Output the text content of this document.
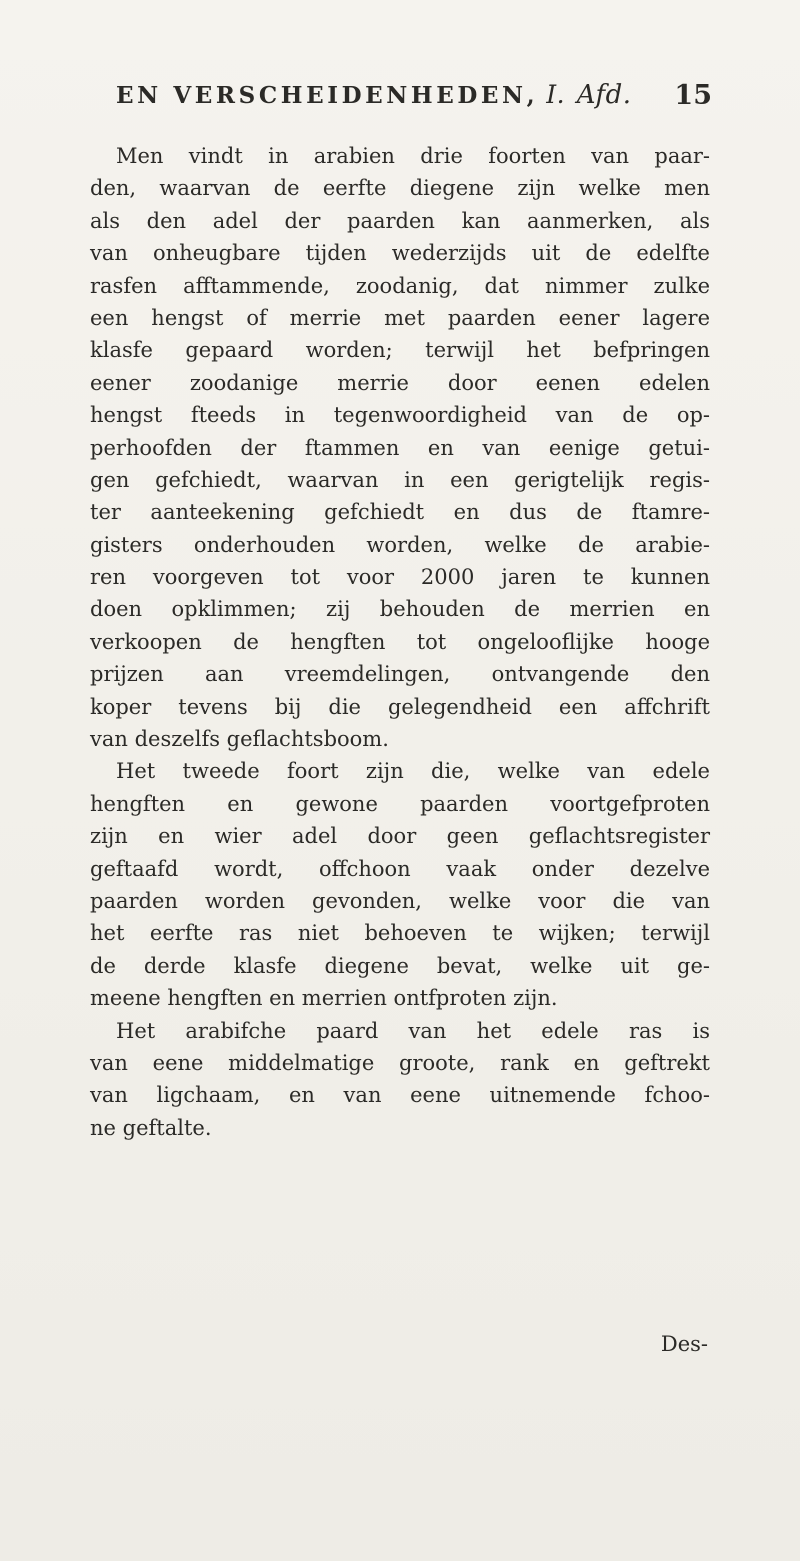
EN VERSCHEIDENHEDEN, I. Afd. 15
Men vindt in arabien drie foorten van paar-
den, waarvan de eerfte diegene zijn welke men
als den adel der paarden kan aanmerken, als
van onheugbare tijden wederzijds uit de edelfte
rasfen afftammende, zoodanig, dat nimmer zulke
een hengst of merrie met paarden eener lagere
klasfe gepaard worden; terwijl het befpringen
eener zoodanige merrie door eenen edelen
hengst fteeds in tegenwoordigheid van de op-
perhoofden der ftammen en van eenige getui-
gen gefchiedt, waarvan in een gerigtelijk regis-
ter aanteekening gefchiedt en dus de ftamre-
gisters onderhouden worden, welke de arabie-
ren voorgeven tot voor 2000 jaren te kunnen
doen opklimmen; zij behouden de merrien en
verkoopen de hengften tot ongelooflijke hooge
prijzen aan vreemdelingen, ontvangende den
koper tevens bij die gelegendheid een affchrift
van deszelfs geflachtsboom.
Het tweede foort zijn die, welke van edele
hengften en gewone paarden voortgefproten
zijn en wier adel door geen geflachtsregister
geftaafd wordt, offchoon vaak onder dezelve
paarden worden gevonden, welke voor die van
het eerfte ras niet behoeven te wijken; terwijl
de derde klasfe diegene bevat, welke uit ge-
meene hengften en merrien ontfproten zijn.
Het arabifche paard van het edele ras is
van eene middelmatige groote, rank en geftrekt
van ligchaam, en van eene uitnemende fchoo-
ne geftalte.
Des-
